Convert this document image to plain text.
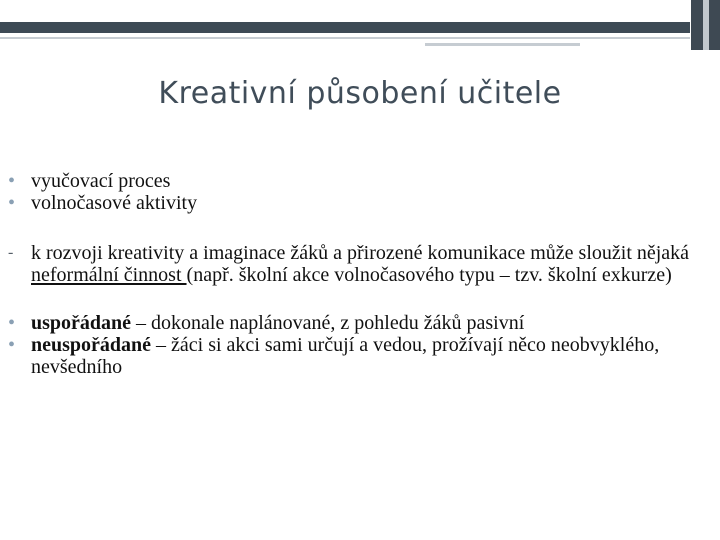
Kreativní působení učitele
• vyučovací proces
• volnočasové aktivity
- k rozvoji kreativity a imaginace žáků a přirozené komunikace může sloužit nějaká neformální činnost (např. školní akce volnočasového typu – tzv. školní exkurze)
• uspořádané – dokonale naplánované, z pohledu žáků pasivní
• neuspořádané – žáci si akci sami určují a vedou, prožívají něco neobvyklého, nevšedního
